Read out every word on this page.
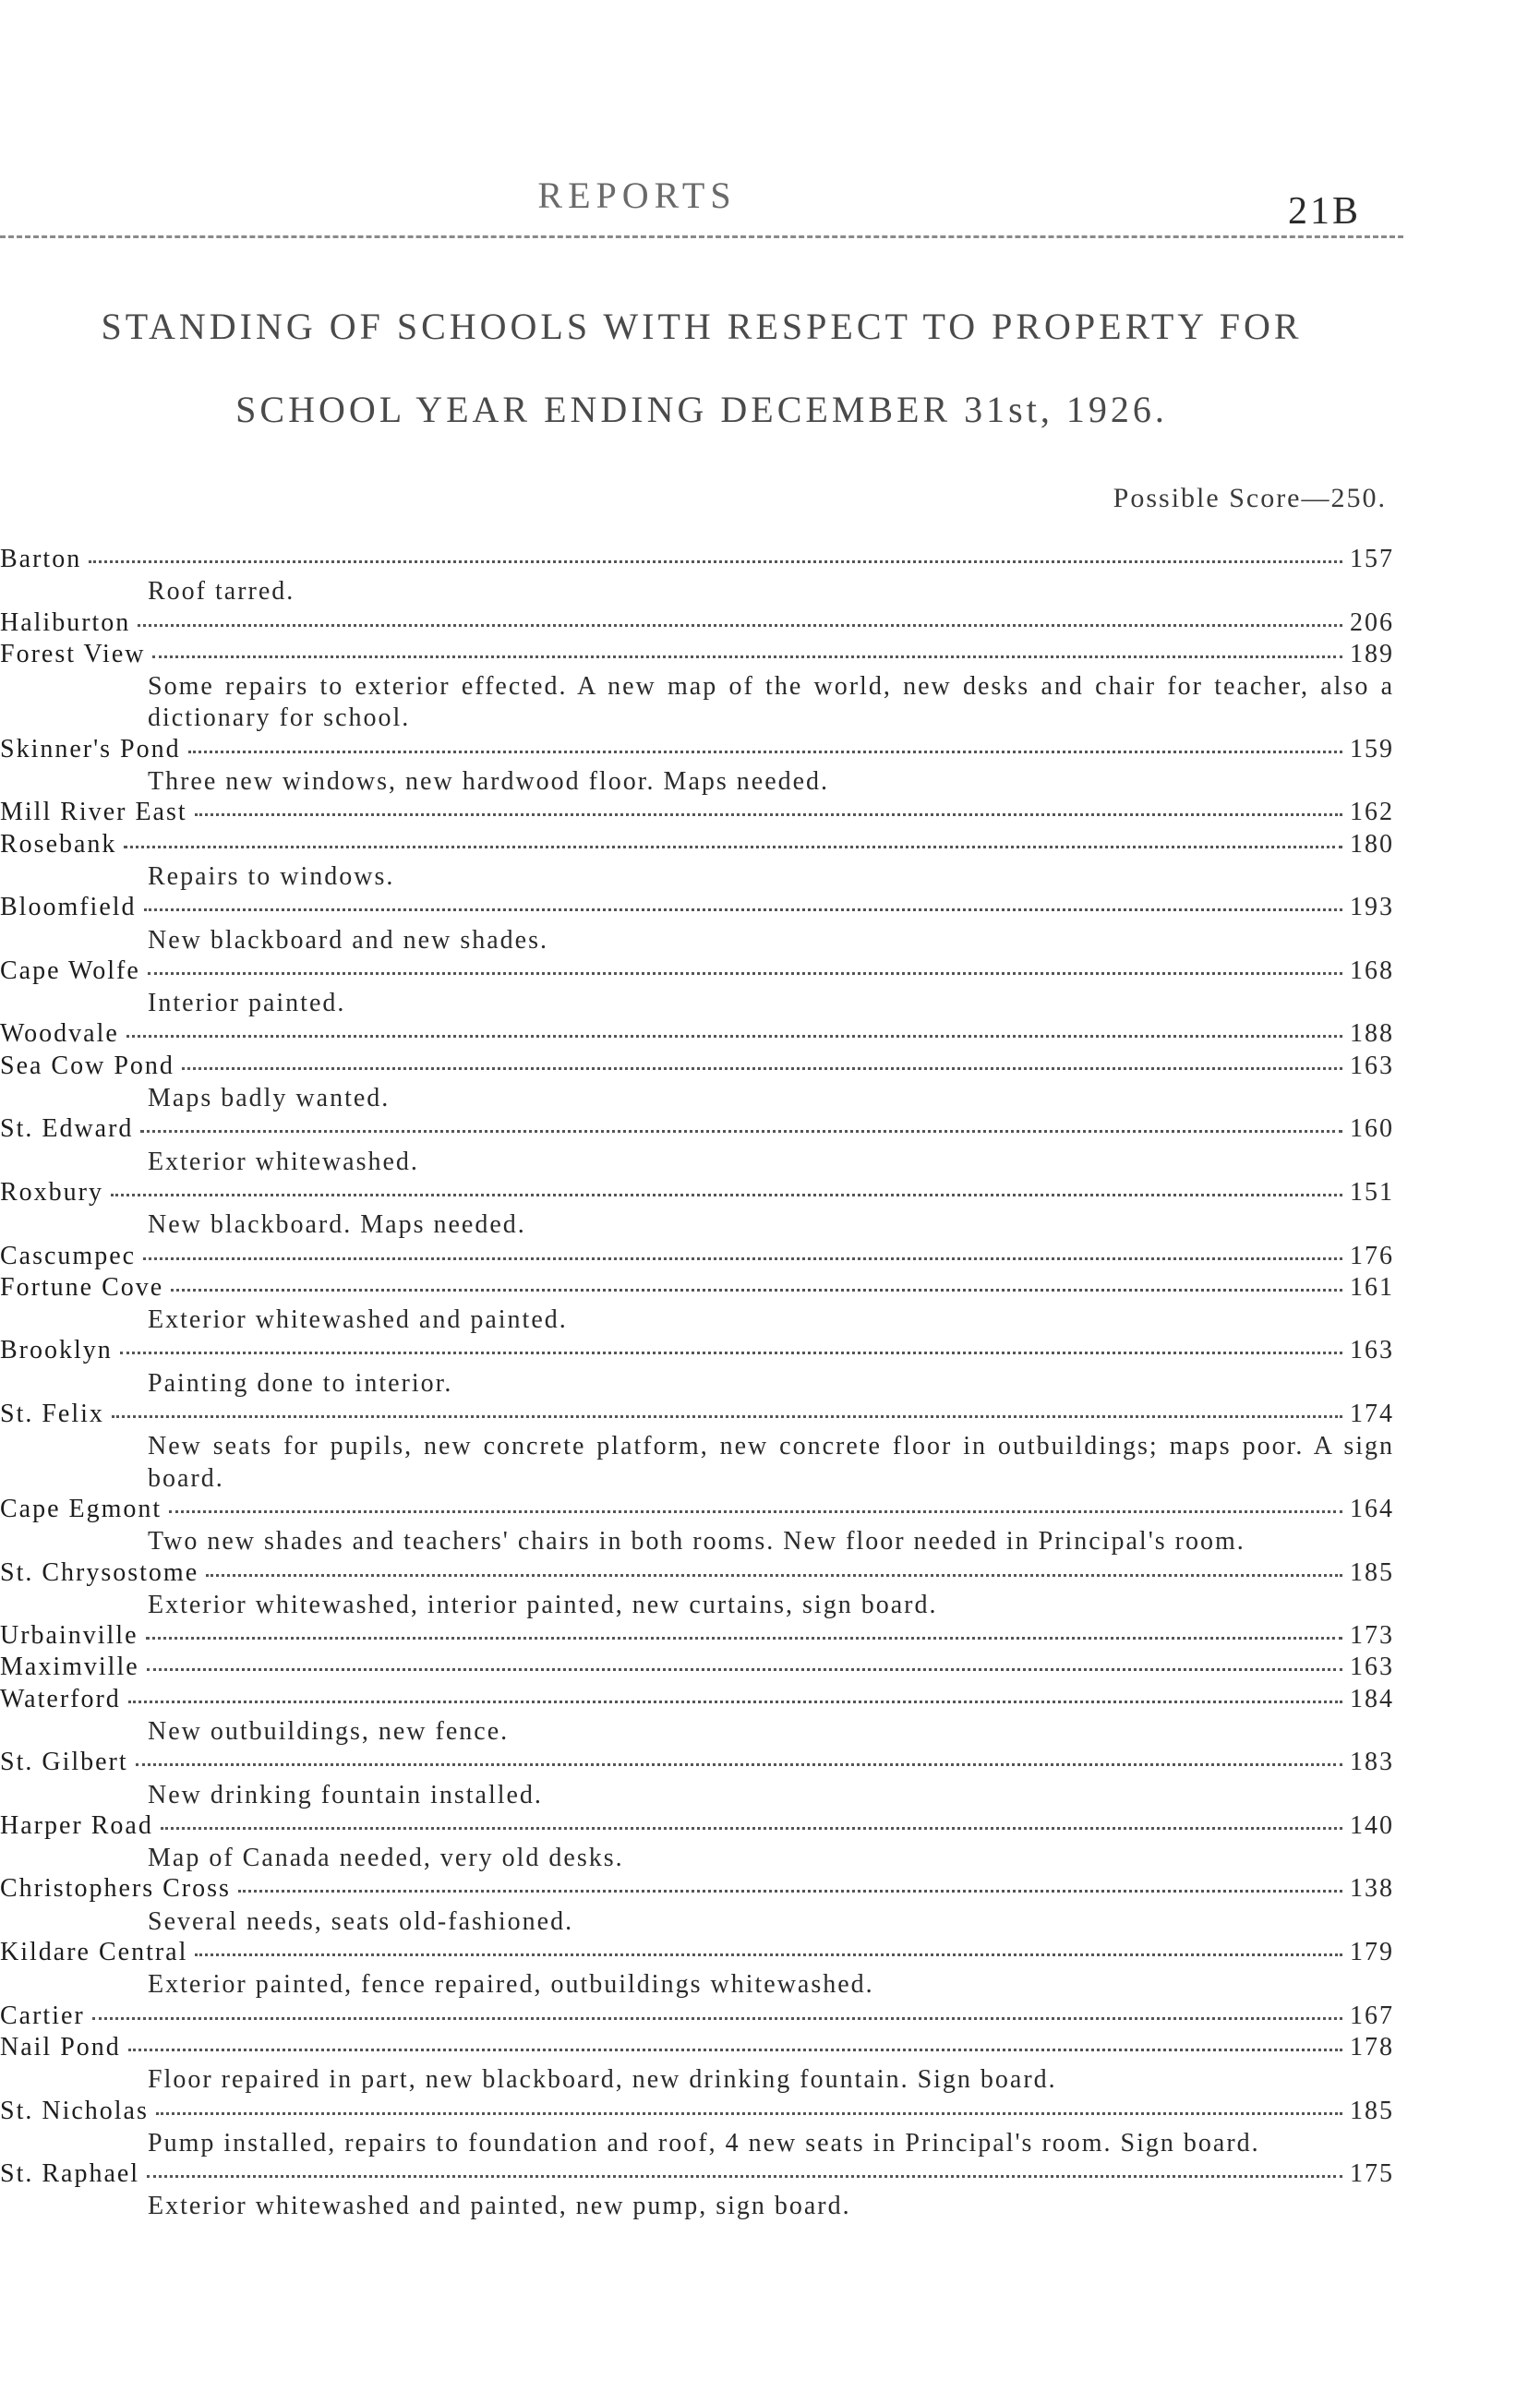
REPORTS	21B
STANDING OF SCHOOLS WITH RESPECT TO PROPERTY FOR
SCHOOL YEAR ENDING DECEMBER 31st, 1926.
Possible Score—250.
Barton	157
Roof tarred.
Haliburton	206
Forest View	189
Some repairs to exterior effected. A new map of the world, new desks and chair for teacher, also a dictionary for school.
Skinner's Pond	159
Three new windows, new hardwood floor. Maps needed.
Mill River East	162
Rosebank	180
Repairs to windows.
Bloomfield	193
New blackboard and new shades.
Cape Wolfe	168
Interior painted.
Woodvale	188
Sea Cow Pond	163
Maps badly wanted.
St. Edward	160
Exterior whitewashed.
Roxbury	151
New blackboard. Maps needed.
Cascumpec	176
Fortune Cove	161
Exterior whitewashed and painted.
Brooklyn	163
Painting done to interior.
St. Felix	174
New seats for pupils, new concrete platform, new concrete floor in outbuildings; maps poor. A sign board.
Cape Egmont	164
Two new shades and teachers' chairs in both rooms. New floor needed in Principal's room.
St. Chrysostome	185
Exterior whitewashed, interior painted, new curtains, sign board.
Urbainville	173
Maximville	163
Waterford	184
New outbuildings, new fence.
St. Gilbert	183
New drinking fountain installed.
Harper Road	140
Map of Canada needed, very old desks.
Christophers Cross	138
Several needs, seats old-fashioned.
Kildare Central	179
Exterior painted, fence repaired, outbuildings whitewashed.
Cartier	167
Nail Pond	178
Floor repaired in part, new blackboard, new drinking fountain. Sign board.
St. Nicholas	185
Pump installed, repairs to foundation and roof, 4 new seats in Principal's room. Sign board.
St. Raphael	175
Exterior whitewashed and painted, new pump, sign board.
